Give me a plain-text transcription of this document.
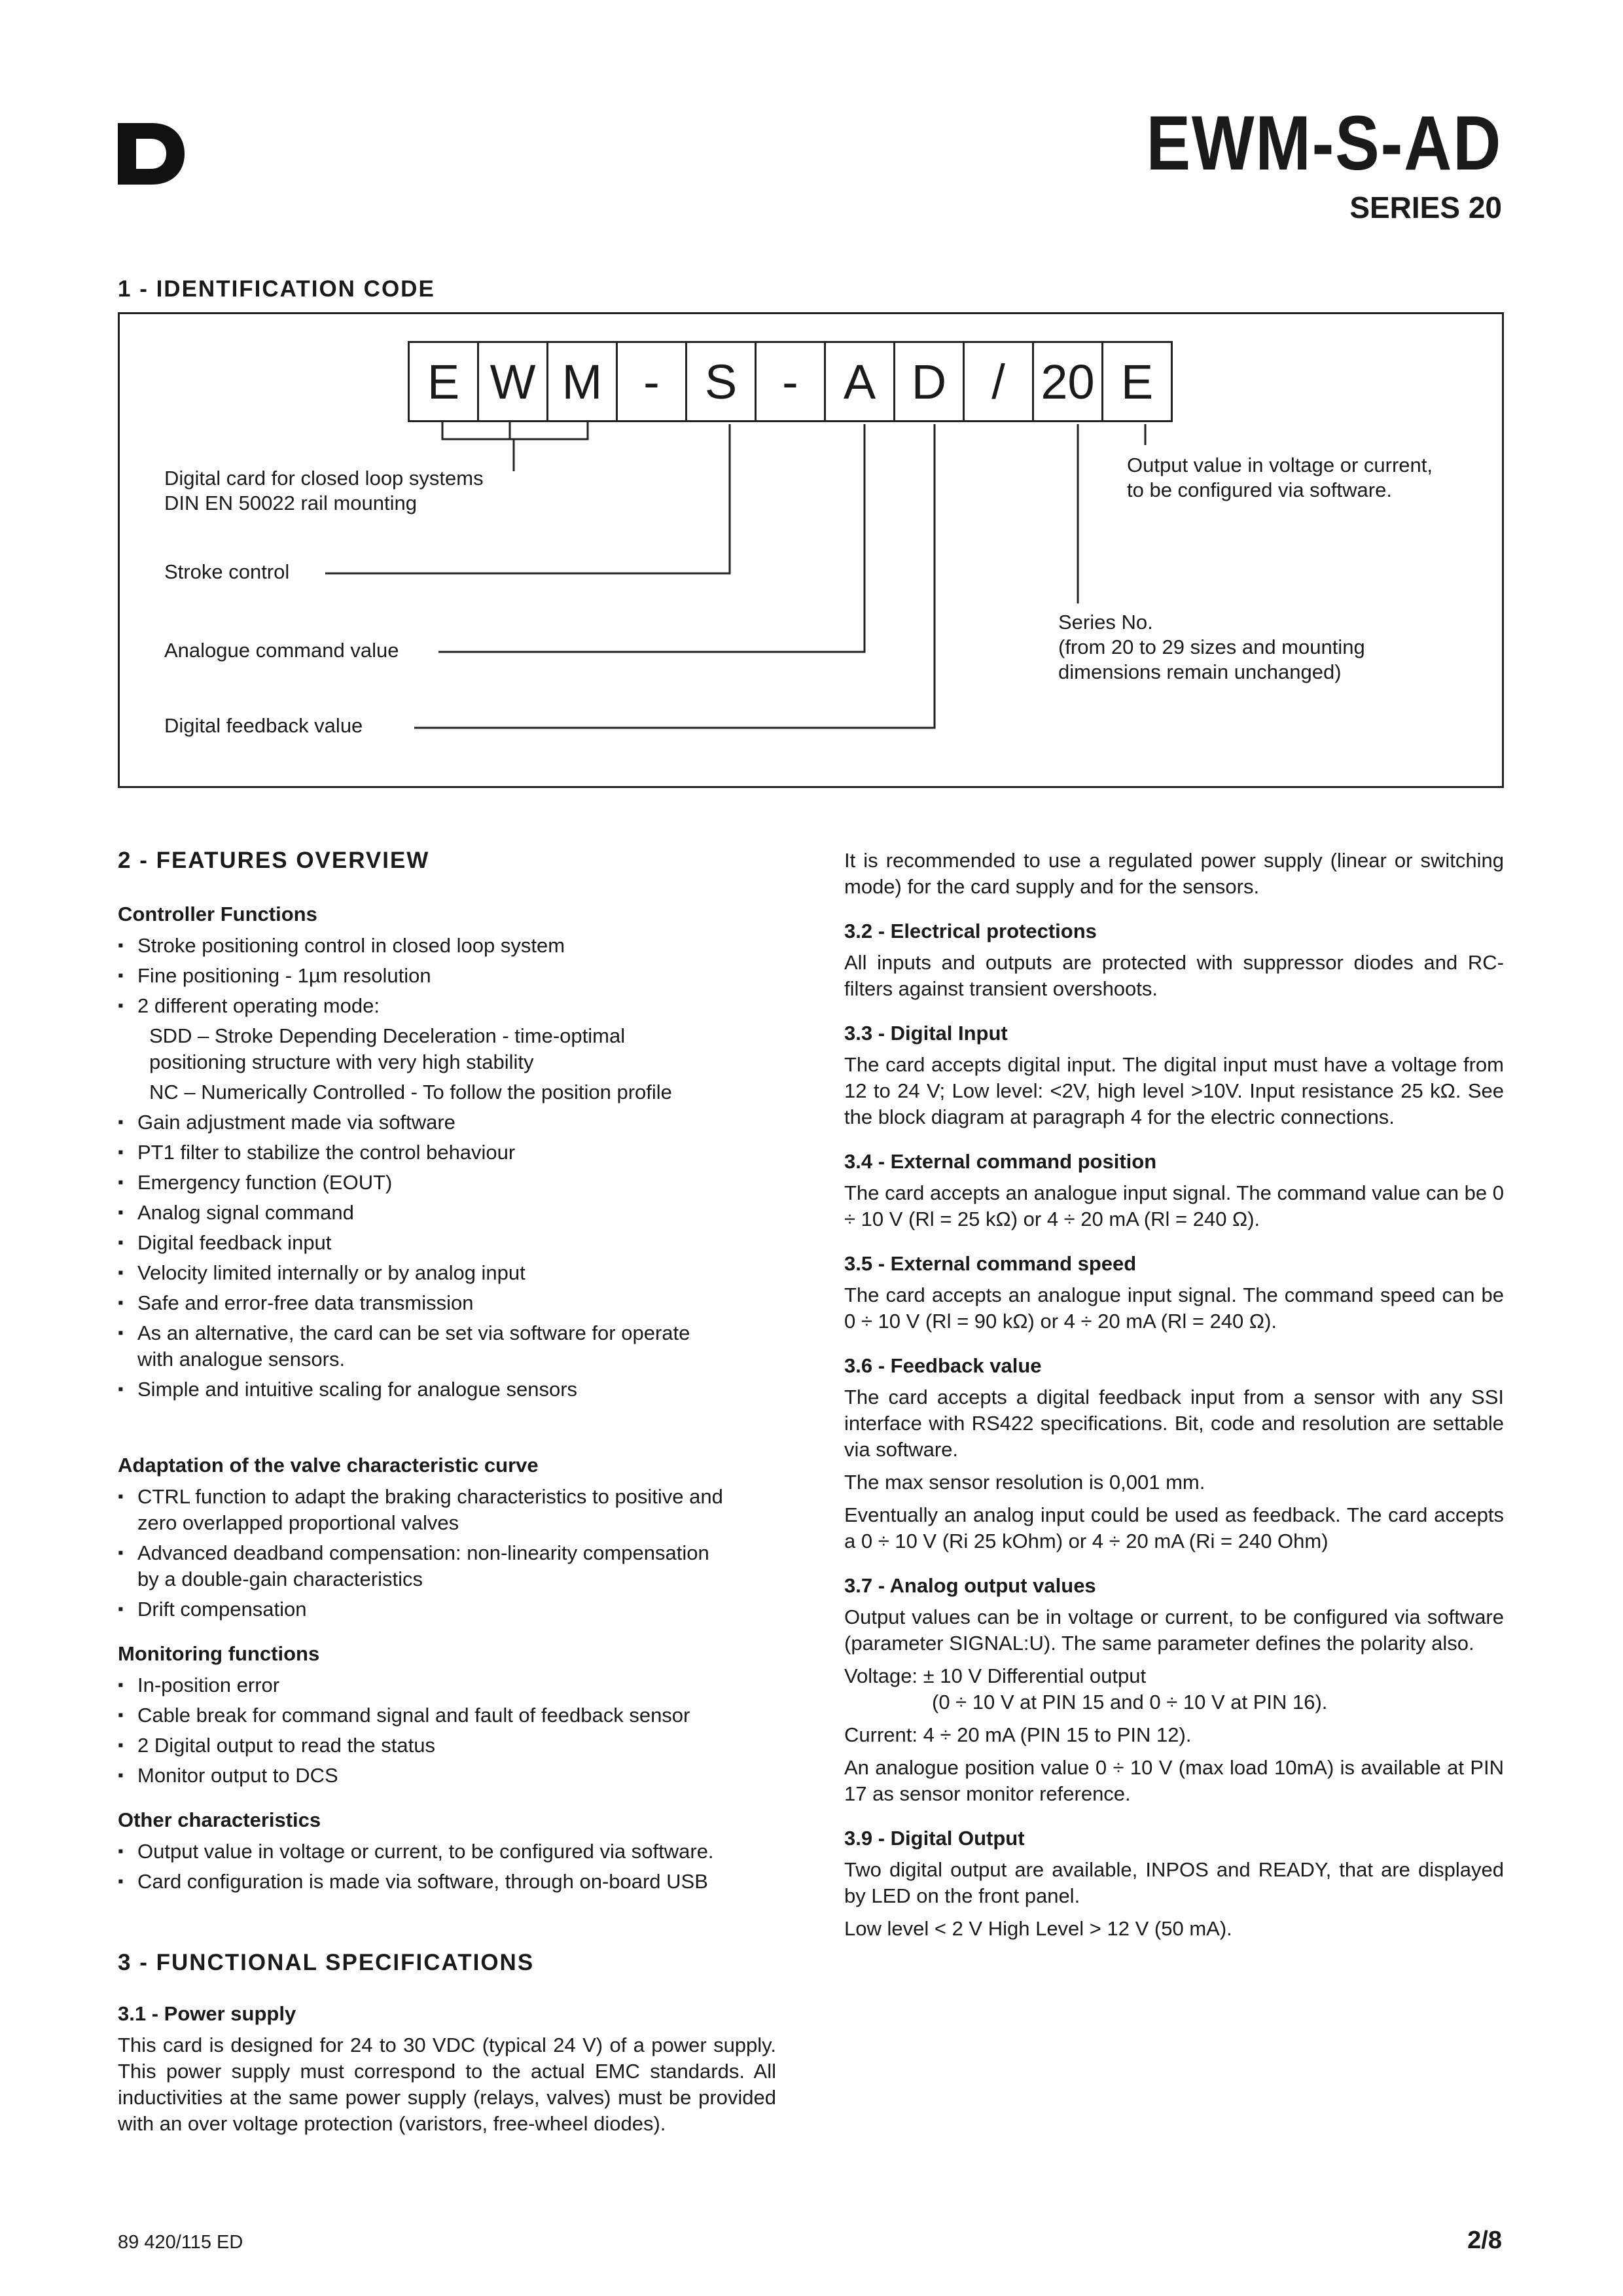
EWM-S-AD
SERIES 20
1 - IDENTIFICATION CODE
E W M - S - A D / 20 E
Digital card for closed loop systems
DIN EN 50022 rail mounting
Stroke control
Analogue command value
Digital feedback value
Output value in voltage or current,
to be configured via software.
Series No.
(from 20 to 29 sizes and mounting
dimensions remain unchanged)
2 - FEATURES OVERVIEW
Controller Functions
▪ Stroke positioning control in closed loop system
▪ Fine positioning - 1µm resolution
▪ 2 different operating mode:
SDD – Stroke Depending Deceleration - time-optimal
positioning structure with very high stability
NC – Numerically Controlled - To follow the position profile
▪ Gain adjustment made via software
▪ PT1 filter to stabilize the control behaviour
▪ Emergency function (EOUT)
▪ Analog signal command
▪ Digital feedback input
▪ Velocity limited internally or by analog input
▪ Safe and error-free data transmission
▪ As an alternative, the card can be set via software for operate
with analogue sensors.
▪ Simple and intuitive scaling for analogue sensors
Adaptation of the valve characteristic curve
▪ CTRL function to adapt the braking characteristics to positive and
zero overlapped proportional valves
▪ Advanced deadband compensation: non-linearity compensation
by a double-gain characteristics
▪ Drift compensation
Monitoring functions
▪ In-position error
▪ Cable break for command signal and fault of feedback sensor
▪ 2 Digital output to read the status
▪ Monitor output to DCS
Other characteristics
▪ Output value in voltage or current, to be configured via software.
▪ Card configuration is made via software, through on-board USB
3 - FUNCTIONAL SPECIFICATIONS
3.1 - Power supply
This card is designed for 24 to 30 VDC (typical 24 V) of a power supply. This power supply must correspond to the actual EMC standards. All inductivities at the same power supply (relays, valves) must be provided with an over voltage protection (varistors, free-wheel diodes).
It is recommended to use a regulated power supply (linear or switching mode) for the card supply and for the sensors.
3.2 - Electrical protections
All inputs and outputs are protected with suppressor diodes and RC-filters against transient overshoots.
3.3 - Digital Input
The card accepts digital input. The digital input must have a voltage from 12 to 24 V; Low level: <2V, high level >10V. Input resistance 25 kΩ. See the block diagram at paragraph 4 for the electric connections.
3.4 - External command position
The card accepts an analogue input signal. The command value can be 0 ÷ 10 V (Rl = 25 kΩ) or 4 ÷ 20 mA (Rl = 240 Ω).
3.5 - External command speed
The card accepts an analogue input signal. The command speed can be 0 ÷ 10 V (Rl = 90 kΩ) or 4 ÷ 20 mA (Rl = 240 Ω).
3.6 - Feedback value
The card accepts a digital feedback input from a sensor with any SSI interface with RS422 specifications. Bit, code and resolution are settable via software.
The max sensor resolution is 0,001 mm.
Eventually an analog input could be used as feedback. The card accepts a 0 ÷ 10 V (Ri 25 kOhm) or 4 ÷ 20 mA (Ri = 240 Ohm)
3.7 - Analog output values
Output values can be in voltage or current, to be configured via software (parameter SIGNAL:U). The same parameter defines the polarity also.
Voltage: ± 10 V Differential output
(0 ÷ 10 V at PIN 15 and 0 ÷ 10 V at PIN 16).
Current: 4 ÷ 20 mA (PIN 15 to PIN 12).
An analogue position value 0 ÷ 10 V (max load 10mA) is available at PIN 17 as sensor monitor reference.
3.9 - Digital Output
Two digital output are available, INPOS and READY, that are displayed by LED on the front panel.
Low level < 2 V High Level > 12 V (50 mA).
89 420/115 ED	2/8
